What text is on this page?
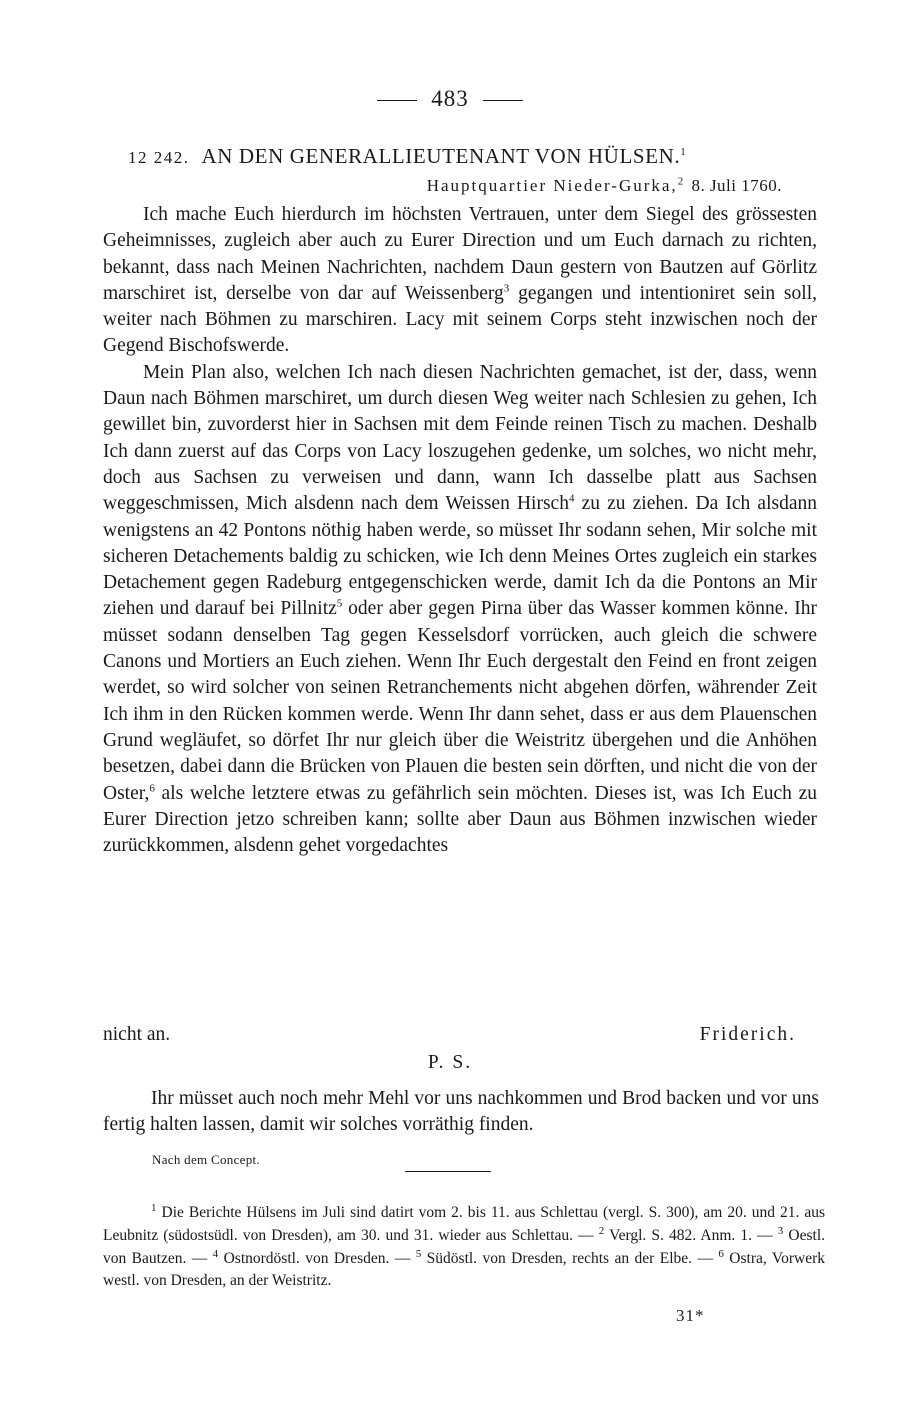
483
12 242. AN DEN GENERALLIEUTENANT VON HÜLSEN.$^1$
Hauptquartier Nieder-Gurka,$^2$ 8. Juli 1760.

Ich mache Euch hierdurch im höchsten Vertrauen, unter dem Siegel des grössesten Geheimnisses, zugleich aber auch zu Eurer Direction und um Euch darnach zu richten, bekannt, dass nach Meinen Nachrichten, nachdem Daun gestern von Bautzen auf Görlitz marschiret ist, derselbe von dar auf Weissenberg$^3$ gegangen und intentioniret sein soll, weiter nach Böhmen zu marschiren. Lacy mit seinem Corps steht inzwischen noch der Gegend Bischofswerde.

Mein Plan also, welchen Ich nach diesen Nachrichten gemachet, ist der, dass, wenn Daun nach Böhmen marschiret, um durch diesen Weg weiter nach Schlesien zu gehen, Ich gewillet bin, zuvorderst hier in Sachsen mit dem Feinde reinen Tisch zu machen. Deshalb Ich dann zuerst auf das Corps von Lacy loszugehen gedenke, um solches, wo nicht mehr, doch aus Sachsen zu verweisen und dann, wann Ich dasselbe platt aus Sachsen weggeschmissen, Mich alsdenn nach dem Weissen Hirsch$^4$ zu zu ziehen. Da Ich alsdann wenigstens an 42 Pontons nöthig haben werde, so müsset Ihr sodann sehen, Mir solche mit sicheren Detachements baldig zu schicken, wie Ich denn Meines Ortes zugleich ein starkes Detachement gegen Radeburg entgegenschicken werde, damit Ich da die Pontons an Mir ziehen und darauf bei Pillnitz$^5$ oder aber gegen Pirna über das Wasser kommen könne. Ihr müsset sodann denselben Tag gegen Kesselsdorf vorrücken, auch gleich die schwere Canons und Mortiers an Euch ziehen. Wenn Ihr Euch dergestalt den Feind en front zeigen werdet, so wird solcher von seinen Retranchements nicht abgehen dörfen, währender Zeit Ich ihm in den Rücken kommen werde. Wenn Ihr dann sehet, dass er aus dem Plauenschen Grund wegläufet, so dörfet Ihr nur gleich über die Weistritz übergehen und die Anhöhen besetzen, dabei dann die Brücken von Plauen die besten sein dörften, und nicht die von der Oster,$^6$ als welche letztere etwas zu gefährlich sein möchten. Dieses ist, was Ich Euch zu Eurer Direction jetzo schreiben kann; sollte aber Daun aus Böhmen inzwischen wieder zurückkommen, alsdenn gehet vorgedachtes

nicht an.	Friderich.
P. S.

Ihr müsset auch noch mehr Mehl vor uns nachkommen und Brod backen und vor uns fertig halten lassen, damit wir solches vorräthig finden.

Nach dem Concept.

$^1$ Die Berichte Hülsens im Juli sind datirt vom 2. bis 11. aus Schlettau (vergl. S. 300), am 20. und 21. aus Leubnitz (südostsüdl. von Dresden), am 30. und 31. wieder aus Schlettau. — $^2$ Vergl. S. 482. Anm. 1. — $^3$ Oestl. von Bautzen. — $^4$ Ostnordöstl. von Dresden. — $^5$ Südöstl. von Dresden, rechts an der Elbe. — $^6$ Ostra, Vorwerk westl. von Dresden, an der Weistritz.

31*
